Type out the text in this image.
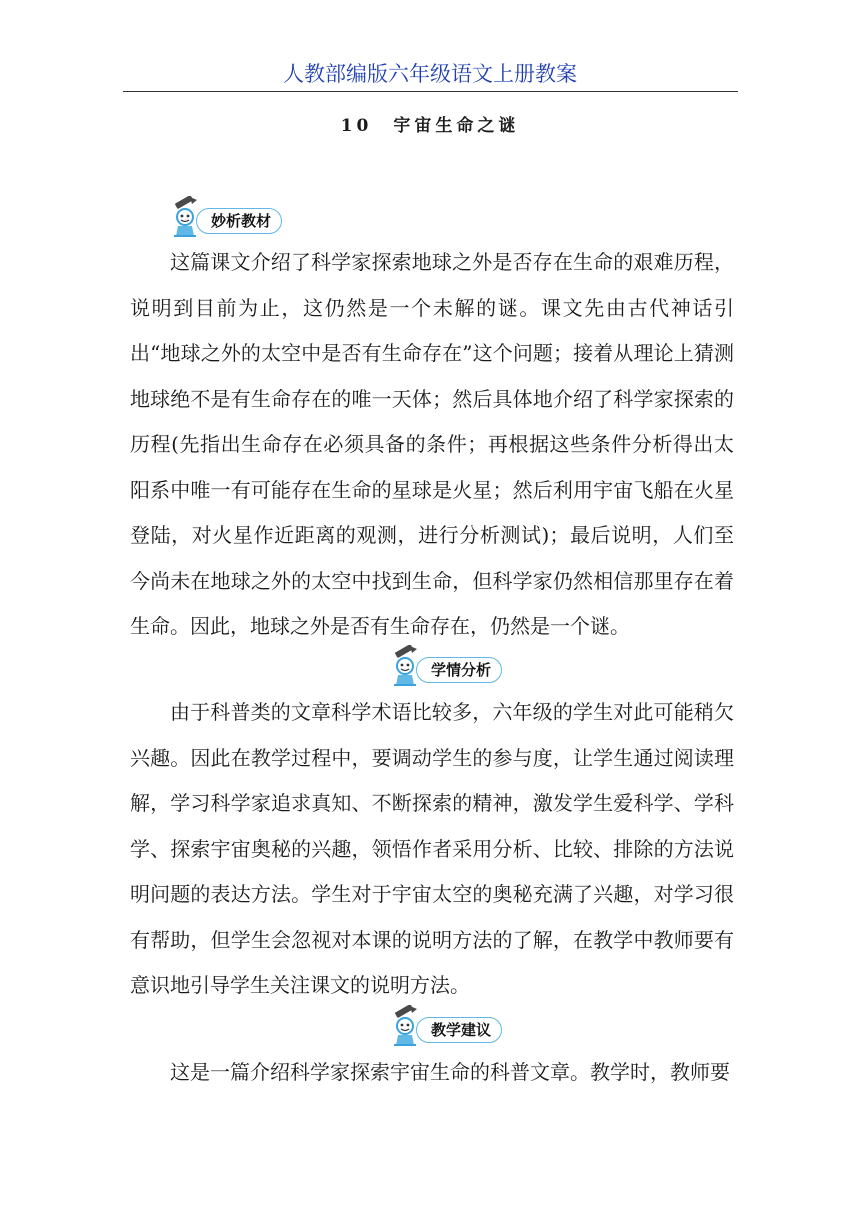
人教部编版六年级语文上册教案
10　宇宙生命之谜
妙析教材

这篇课文介绍了科学家探索地球之外是否存在生命的艰难历程，说明到目前为止，这仍然是一个未解的谜。课文先由古代神话引出“地球之外的太空中是否有生命存在”这个问题；接着从理论上猜测地球绝不是有生命存在的唯一天体；然后具体地介绍了科学家探索的历程(先指出生命存在必须具备的条件；再根据这些条件分析得出太阳系中唯一有可能存在生命的星球是火星；然后利用宇宙飞船在火星登陆，对火星作近距离的观测，进行分析测试)；最后说明，人们至今尚未在地球之外的太空中找到生命，但科学家仍然相信那里存在着生命。因此，地球之外是否有生命存在，仍然是一个谜。

学情分析

由于科普类的文章科学术语比较多，六年级的学生对此可能稍欠兴趣。因此在教学过程中，要调动学生的参与度，让学生通过阅读理解，学习科学家追求真知、不断探索的精神，激发学生爱科学、学科学、探索宇宙奥秘的兴趣，领悟作者采用分析、比较、排除的方法说明问题的表达方法。学生对于宇宙太空的奥秘充满了兴趣，对学习很有帮助，但学生会忽视对本课的说明方法的了解，在教学中教师要有意识地引导学生关注课文的说明方法。

教学建议

这是一篇介绍科学家探索宇宙生命的科普文章。教学时，教师要
